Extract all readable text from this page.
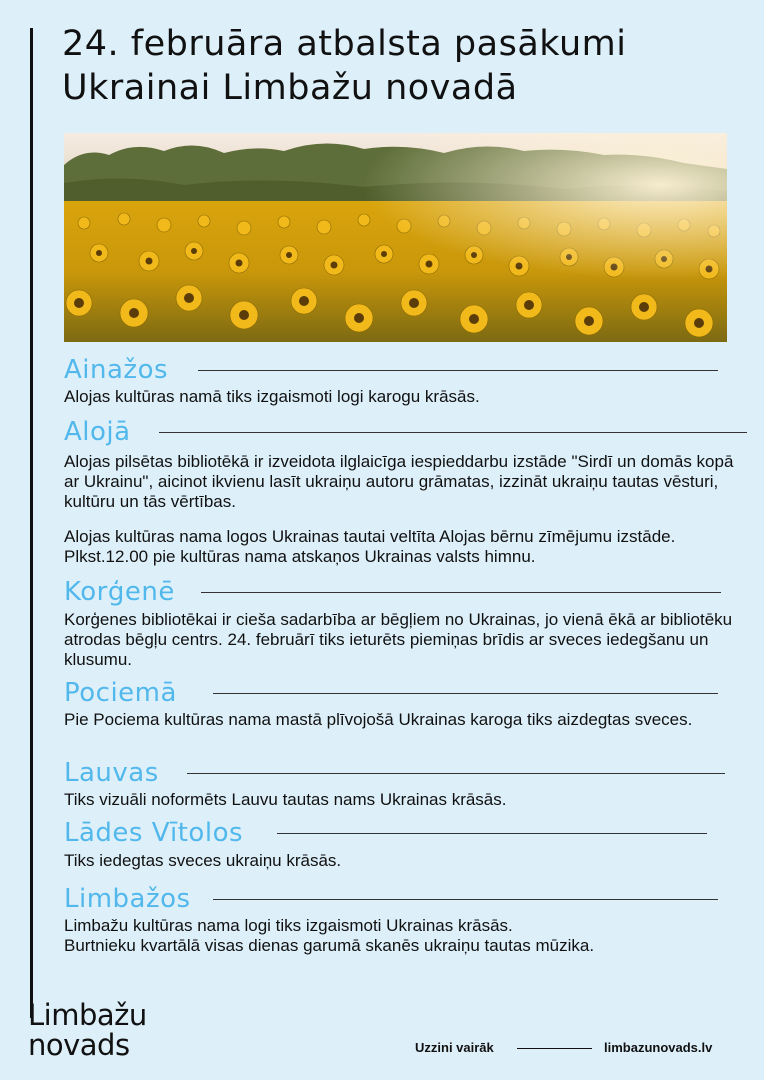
24. februāra atbalsta pasākumi
Ukrainai Limbažu novadā
Ainažos

Alojas kultūras namā tiks izgaismoti logi karogu krāsās.

Alojā

Alojas pilsētas bibliotēkā ir izveidota ilglaicīga iespieddarbu izstāde "Sirdī un domās kopā ar Ukrainu", aicinot ikvienu lasīt ukraiņu autoru grāmatas, izzināt ukraiņu tautas vēsturi, kultūru un tās vērtības.

Alojas kultūras nama logos Ukrainas tautai veltīta Alojas bērnu zīmējumu izstāde. Plkst.12.00 pie kultūras nama atskaņos Ukrainas valsts himnu.

Korģenē

Korģenes bibliotēkai ir cieša sadarbība ar bēgļiem no Ukrainas, jo vienā ēkā ar bibliotēku atrodas bēgļu centrs. 24. februārī tiks ieturēts piemiņas brīdis ar sveces iedegšanu un klusumu.

Pociemā

Pie Pociema kultūras nama mastā plīvojošā Ukrainas karoga tiks aizdegtas sveces.

Lauvas

Tiks vizuāli noformēts Lauvu tautas nams Ukrainas krāsās.

Lādes Vītolos

Tiks iedegtas sveces ukraiņu krāsās.

Limbažos

Limbažu kultūras nama logi tiks izgaismoti Ukrainas krāsās.

Burtnieku kvartālā visas dienas garumā skanēs ukraiņu tautas mūzika.

Limbažu
novads	Uzzini vairāk	limbazunovads.lv
